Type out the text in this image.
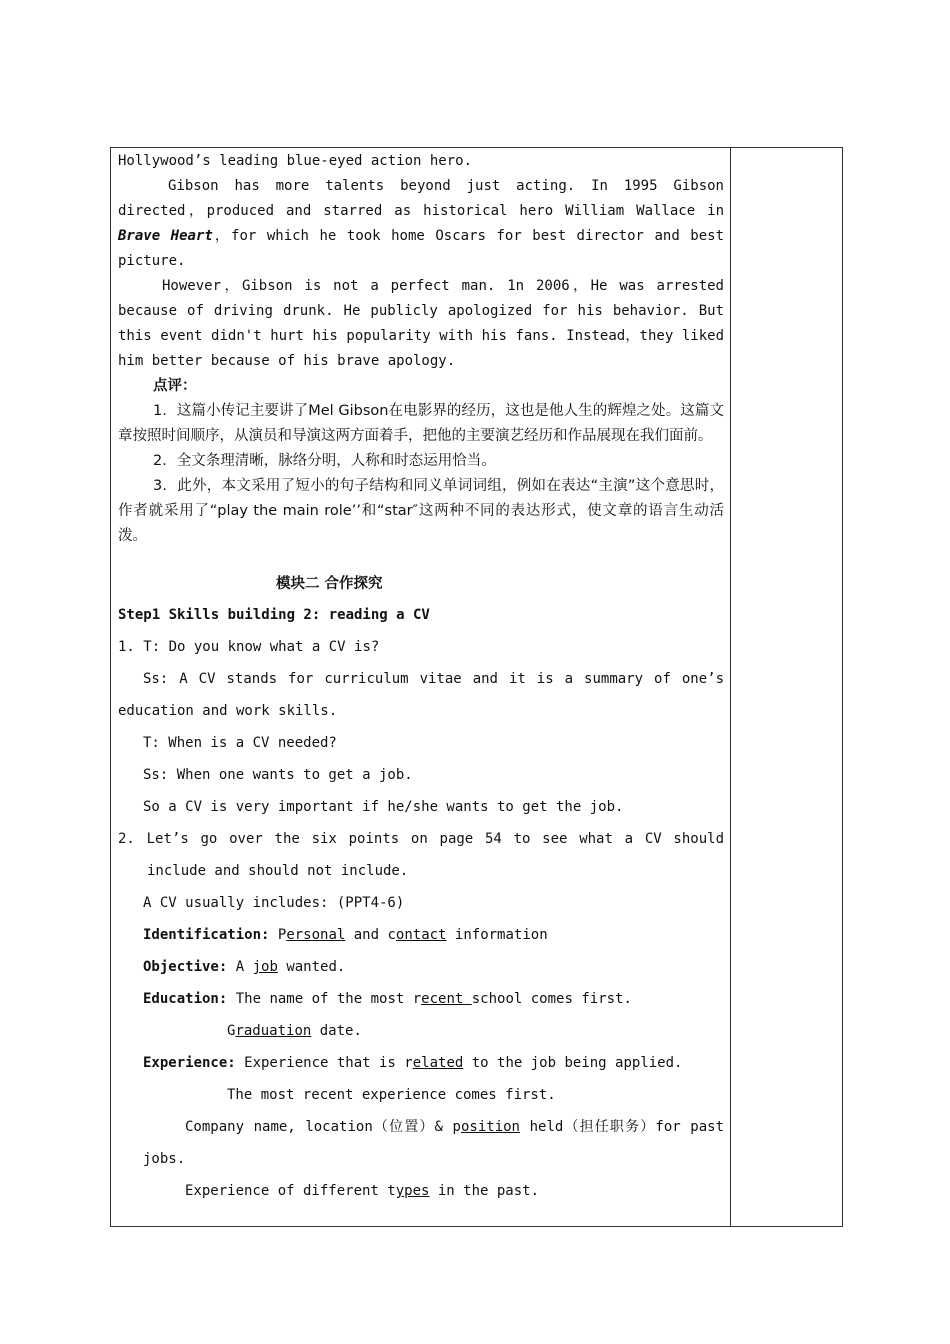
Hollywood’s leading blue-eyed action hero.

Gibson has more talents beyond just acting. In 1995 Gibson directed，produced and starred as historical hero William Wallace in Brave Heart，for which he took home Oscars for best director and best picture.

However，Gibson is not a perfect man. 1n 2006，He was arrested because of driving drunk. He publicly apologized for his behavior. But this event didn't hurt his popularity with his fans. Instead，they liked him better because of his brave apology.

点评：

1．这篇小传记主要讲了Mel Gibson在电影界的经历，这也是他人生的辉煌之处。这篇文章按照时间顺序，从演员和导演这两方面着手，把他的主要演艺经历和作品展现在我们面前。

2．全文条理清晰，脉络分明，人称和时态运用恰当。

3．此外，本文采用了短小的句子结构和同义单词词组，例如在表达“主演”这个意思时，作者就采用了“play the main role’’和“star″这两种不同的表达形式，使文章的语言生动活泼。

模块二 合作探究

Step1 Skills building 2: reading a CV

1. T: Do you know what a CV is?

Ss: A CV stands for curriculum vitae and it is a summary of one’s education and work skills.

T: When is a CV needed?

Ss: When one wants to get a job.

So a CV is very important if he/she wants to get the job.

2. Let’s go over the six points on page 54 to see what a CV should include and should not include.

A CV usually includes: (PPT4-6)

Identification: Personal and contact information

Objective: A job wanted.

Education: The name of the most recent school comes first.

Graduation date.

Experience: Experience that is related to the job being applied.

The most recent experience comes first.

Company name, location（位置）& position held（担任职务）for past jobs.

Experience of different types in the past.
